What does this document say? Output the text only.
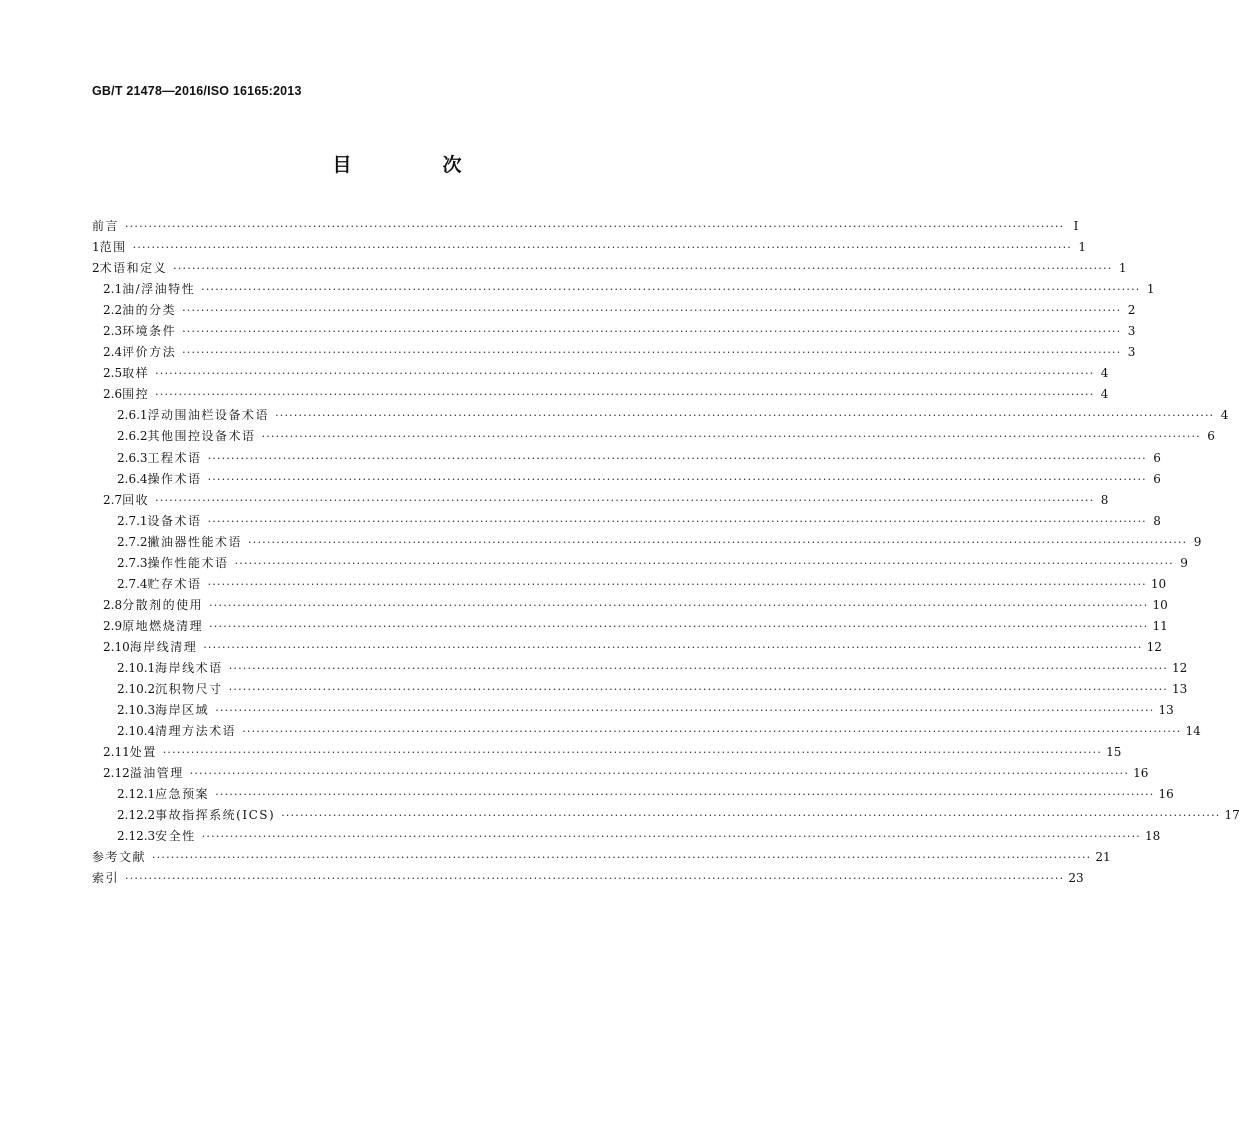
GB/T 21478—2016/ISO 16165:2013
目　次
前言 ········································································································································································································ Ⅰ
1 范围 ········································································································································································································ 1
2 术语和定义 ········································································································································································································ 1
2.1 油/浮油特性 ········································································································································································································ 1
2.2 油的分类 ········································································································································································································ 2
2.3 环境条件 ········································································································································································································ 3
2.4 评价方法 ········································································································································································································ 3
2.5 取样 ········································································································································································································ 4
2.6 围控 ········································································································································································································ 4
2.6.1 浮动围油栏设备术语 ········································································································································································································ 4
2.6.2 其他围控设备术语 ········································································································································································································ 6
2.6.3 工程术语 ········································································································································································································ 6
2.6.4 操作术语 ········································································································································································································ 6
2.7 回收 ········································································································································································································ 8
2.7.1 设备术语 ········································································································································································································ 8
2.7.2 撇油器性能术语 ········································································································································································································ 9
2.7.3 操作性能术语 ········································································································································································································ 9
2.7.4 贮存术语 ········································································································································································································ 10
2.8 分散剂的使用 ········································································································································································································ 10
2.9 原地燃烧清理 ········································································································································································································ 11
2.10 海岸线清理 ········································································································································································································ 12
2.10.1 海岸线术语 ········································································································································································································ 12
2.10.2 沉积物尺寸 ········································································································································································································ 13
2.10.3 海岸区域 ········································································································································································································ 13
2.10.4 清理方法术语 ········································································································································································································ 14
2.11 处置 ········································································································································································································ 15
2.12 溢油管理 ········································································································································································································ 16
2.12.1 应急预案 ········································································································································································································ 16
2.12.2 事故指挥系统(ICS) ········································································································································································································ 17
2.12.3 安全性 ········································································································································································································ 18
参考文献 ········································································································································································································ 21
索引 ········································································································································································································ 23
